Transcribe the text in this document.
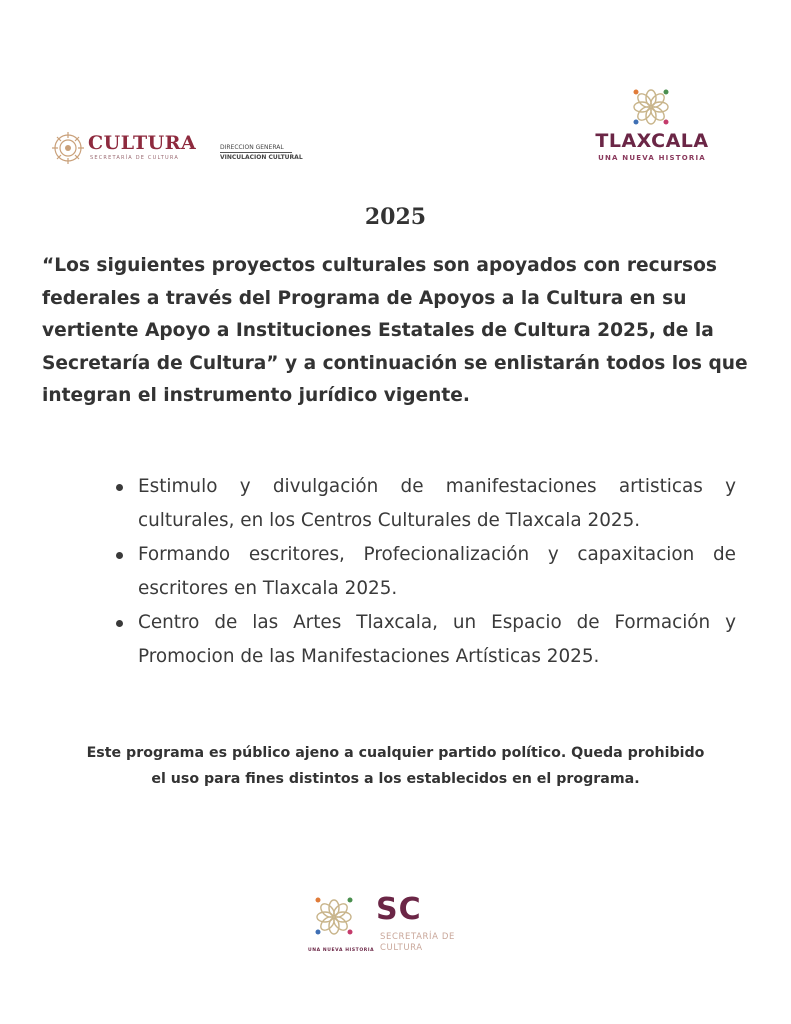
CULTURA
SECRETARÍA DE CULTURA
DIRECCION GENERAL
VINCULACION CULTURAL
TLAXCALA
UNA NUEVA HISTORIA
2025
“Los siguientes proyectos culturales son apoyados con recursos federales a través del Programa de Apoyos a la Cultura en su vertiente Apoyo a Instituciones Estatales de Cultura 2025, de la Secretaría de Cultura” y a continuación se enlistarán todos los que integran el instrumento jurídico vigente.
Estimulo y divulgación de manifestaciones artisticas y culturales, en los Centros Culturales de Tlaxcala 2025.
Formando escritores, Profecionalización y capaxitacion de escritores en Tlaxcala 2025.
Centro de las Artes Tlaxcala, un Espacio de Formación y Promocion de las Manifestaciones Artísticas 2025.
Este programa es público ajeno a cualquier partido político. Queda prohibido
el uso para fines distintos a los establecidos en el programa.
UNA NUEVA HISTORIA
SC
SECRETARÍA DE
CULTURA
